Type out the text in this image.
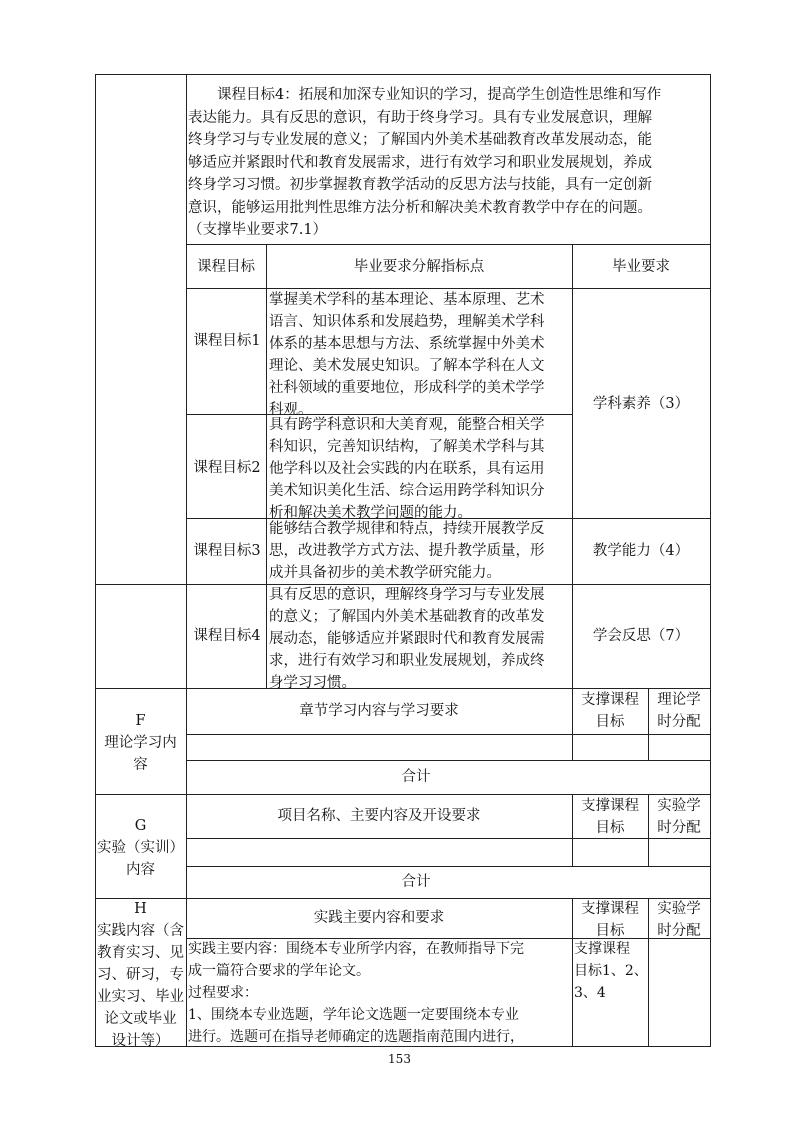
　　课程目标4：拓展和加深专业知识的学习，提高学生创造性思维和写作
表达能力。具有反思的意识，有助于终身学习。具有专业发展意识，理解
终身学习与专业发展的意义；了解国内外美术基础教育改革发展动态，能
够适应并紧跟时代和教育发展需求，进行有效学习和职业发展规划，养成
终身学习习惯。初步掌握教育教学活动的反思方法与技能，具有一定创新
意识，能够运用批判性思维方法分析和解决美术教育教学中存在的问题。
（支撑毕业要求7.1）
课程目标	毕业要求分解指标点	毕业要求
课程目标1
掌握美术学科的基本理论、基本原理、艺术
语言、知识体系和发展趋势，理解美术学科
体系的基本思想与方法、系统掌握中外美术
理论、美术发展史知识。了解本学科在人文
社科领域的重要地位，形成科学的美术学学
科观。
课程目标2
具有跨学科意识和大美育观，能整合相关学
科知识，完善知识结构，了解美术学科与其
他学科以及社会实践的内在联系，具有运用
美术知识美化生活、综合运用跨学科知识分
析和解决美术教学问题的能力。
学科素养（3）
课程目标3
能够结合教学规律和特点，持续开展教学反
思，改进教学方式方法、提升教学质量，形
成并具备初步的美术教学研究能力。
教学能力（4）
课程目标4
具有反思的意识，理解终身学习与专业发展
的意义；了解国内外美术基础教育的改革发
展动态，能够适应并紧跟时代和教育发展需
求，进行有效学习和职业发展规划，养成终
身学习习惯。
学会反思（7）
F
理论学习内
容
章节学习内容与学习要求
支撑课程
目标
理论学
时分配
合计
G
实验（实训）
内容
项目名称、主要内容及开设要求
支撑课程
目标
实验学
时分配
合计
H
实践内容（含
教育实习、见
习、研习，专
业实习、毕业
论文或毕业
设计等）
实践主要内容和要求
支撑课程
目标
实验学
时分配
实践主要内容：围绕本专业所学内容，在教师指导下完
成一篇符合要求的学年论文。
过程要求：
1、围绕本专业选题，学年论文选题一定要围绕本专业
进行。选题可在指导老师确定的选题指南范围内进行，
支撑课程
目标1、2、
3、4
153
